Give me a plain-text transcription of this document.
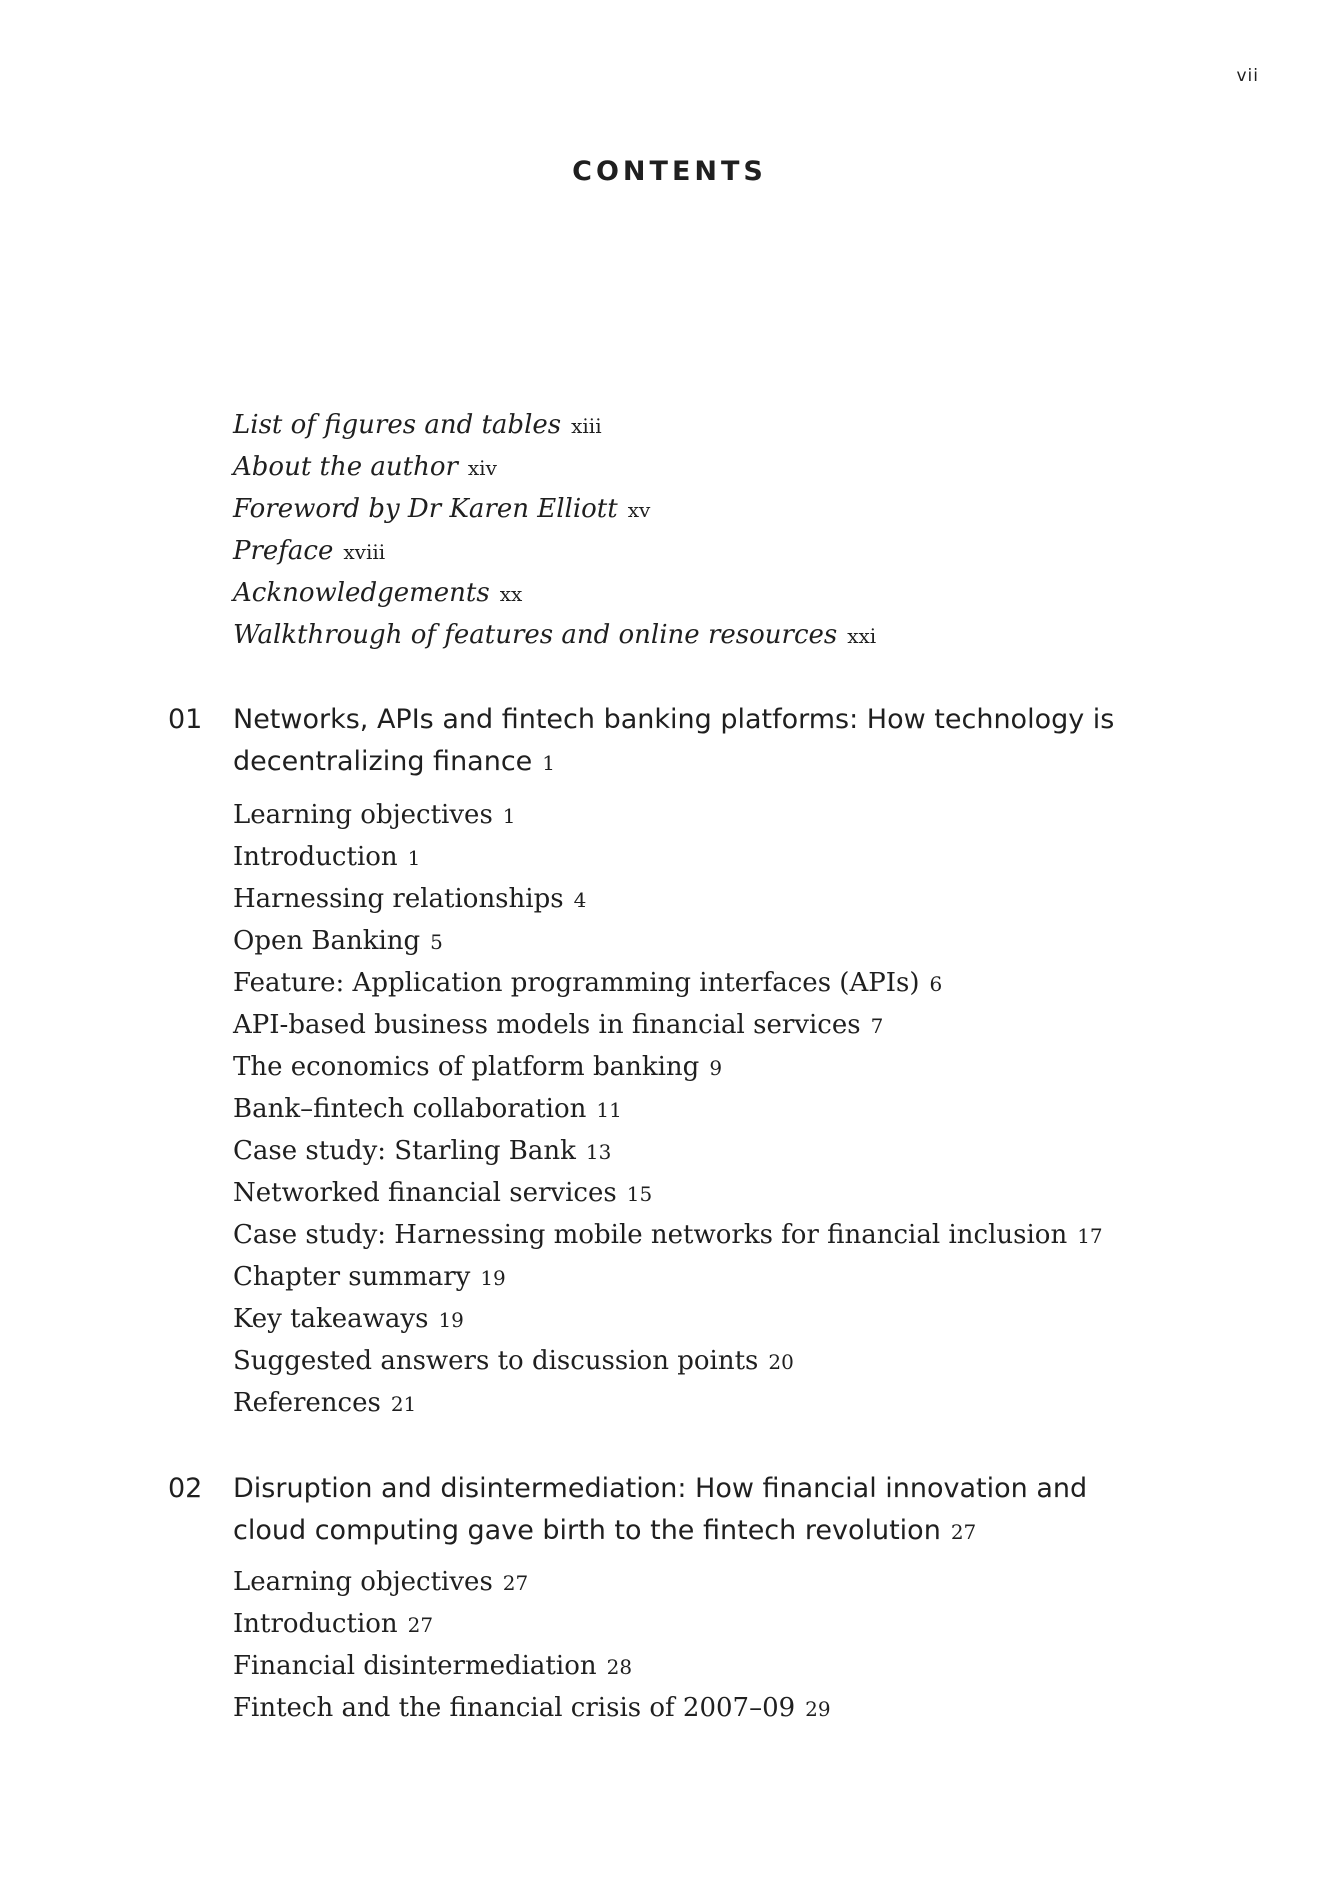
vii
CONTENTS
List of figures and tables xiii
About the author xiv
Foreword by Dr Karen Elliott xv
Preface xviii
Acknowledgements xx
Walkthrough of features and online resources xxi
01 Networks, APIs and fintech banking platforms: How technology is decentralizing finance 1
Learning objectives 1
Introduction 1
Harnessing relationships 4
Open Banking 5
Feature: Application programming interfaces (APIs) 6
API-based business models in financial services 7
The economics of platform banking 9
Bank–fintech collaboration 11
Case study: Starling Bank 13
Networked financial services 15
Case study: Harnessing mobile networks for financial inclusion 17
Chapter summary 19
Key takeaways 19
Suggested answers to discussion points 20
References 21
02 Disruption and disintermediation: How financial innovation and cloud computing gave birth to the fintech revolution 27
Learning objectives 27
Introduction 27
Financial disintermediation 28
Fintech and the financial crisis of 2007–09 29
